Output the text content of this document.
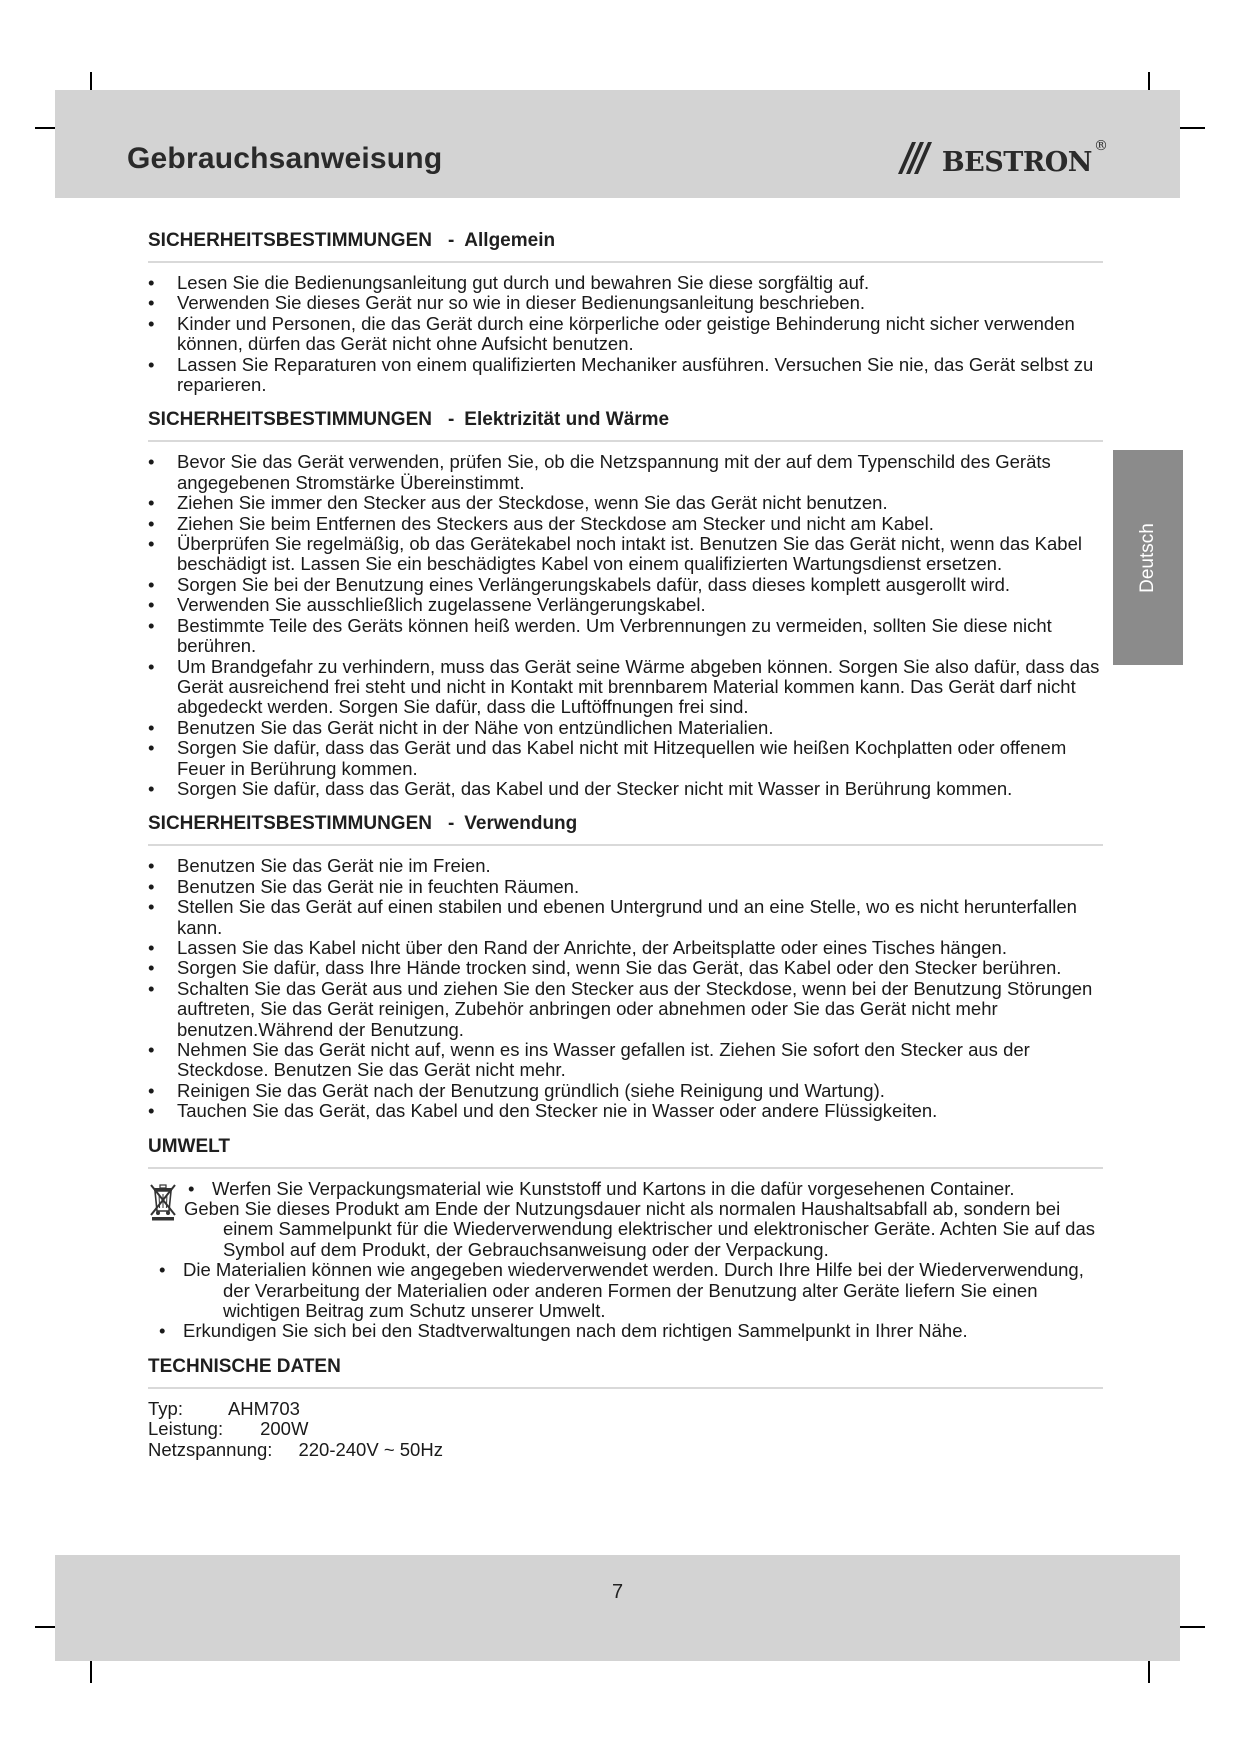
Gebrauchsanweisung	bestron ®
Deutsch
SICHERHEITSBESTIMMUNGEN - Allgemein
• Lesen Sie die Bedienungsanleitung gut durch und bewahren Sie diese sorgfältig auf.
• Verwenden Sie dieses Gerät nur so wie in dieser Bedienungsanleitung beschrieben.
• Kinder und Personen, die das Gerät durch eine körperliche oder geistige Behinderung nicht sicher verwenden können, dürfen das Gerät nicht ohne Aufsicht benutzen.
• Lassen Sie Reparaturen von einem qualifizierten Mechaniker ausführen. Versuchen Sie nie, das Gerät selbst zu reparieren.
SICHERHEITSBESTIMMUNGEN - Elektrizität und Wärme
• Bevor Sie das Gerät verwenden, prüfen Sie, ob die Netzspannung mit der auf dem Typenschild des Geräts angegebenen Stromstärke Übereinstimmt.
• Ziehen Sie immer den Stecker aus der Steckdose, wenn Sie das Gerät nicht benutzen.
• Ziehen Sie beim Entfernen des Steckers aus der Steckdose am Stecker und nicht am Kabel.
• Überprüfen Sie regelmäßig, ob das Gerätekabel noch intakt ist. Benutzen Sie das Gerät nicht, wenn das Kabel beschädigt ist. Lassen Sie ein beschädigtes Kabel von einem qualifizierten Wartungsdienst ersetzen.
• Sorgen Sie bei der Benutzung eines Verlängerungskabels dafür, dass dieses komplett ausgerollt wird.
• Verwenden Sie ausschließlich zugelassene Verlängerungskabel.
• Bestimmte Teile des Geräts können heiß werden. Um Verbrennungen zu vermeiden, sollten Sie diese nicht berühren.
• Um Brandgefahr zu verhindern, muss das Gerät seine Wärme abgeben können. Sorgen Sie also dafür, dass das Gerät ausreichend frei steht und nicht in Kontakt mit brennbarem Material kommen kann. Das Gerät darf nicht abgedeckt werden. Sorgen Sie dafür, dass die Luftöffnungen frei sind.
• Benutzen Sie das Gerät nicht in der Nähe von entzündlichen Materialien.
• Sorgen Sie dafür, dass das Gerät und das Kabel nicht mit Hitzequellen wie heißen Kochplatten oder offenem Feuer in Berührung kommen.
• Sorgen Sie dafür, dass das Gerät, das Kabel und der Stecker nicht mit Wasser in Berührung kommen.
SICHERHEITSBESTIMMUNGEN - Verwendung
• Benutzen Sie das Gerät nie im Freien.
• Benutzen Sie das Gerät nie in feuchten Räumen.
• Stellen Sie das Gerät auf einen stabilen und ebenen Untergrund und an eine Stelle, wo es nicht herunterfallen kann.
• Lassen Sie das Kabel nicht über den Rand der Anrichte, der Arbeitsplatte oder eines Tisches hängen.
• Sorgen Sie dafür, dass Ihre Hände trocken sind, wenn Sie das Gerät, das Kabel oder den Stecker berühren.
• Schalten Sie das Gerät aus und ziehen Sie den Stecker aus der Steckdose, wenn bei der Benutzung Störungen auftreten, Sie das Gerät reinigen, Zubehör anbringen oder abnehmen oder Sie das Gerät nicht mehr benutzen.Während der Benutzung.
• Nehmen Sie das Gerät nicht auf, wenn es ins Wasser gefallen ist. Ziehen Sie sofort den Stecker aus der Steckdose. Benutzen Sie das Gerät nicht mehr.
• Reinigen Sie das Gerät nach der Benutzung gründlich (siehe Reinigung und Wartung).
• Tauchen Sie das Gerät, das Kabel und den Stecker nie in Wasser oder andere Flüssigkeiten.
UMWELT
• Werfen Sie Verpackungsmaterial wie Kunststoff und Kartons in die dafür vorgesehenen Container.
Geben Sie dieses Produkt am Ende der Nutzungsdauer nicht als normalen Haushaltsabfall ab, sondern bei einem Sammelpunkt für die Wiederverwendung elektrischer und elektronischer Geräte. Achten Sie auf das Symbol auf dem Produkt, der Gebrauchsanweisung oder der Verpackung.
• Die Materialien können wie angegeben wiederverwendet werden. Durch Ihre Hilfe bei der Wiederverwendung, der Verarbeitung der Materialien oder anderen Formen der Benutzung alter Geräte liefern Sie einen wichtigen Beitrag zum Schutz unserer Umwelt.
• Erkundigen Sie sich bei den Stadtverwaltungen nach dem richtigen Sammelpunkt in Ihrer Nähe.
TECHNISCHE DATEN
Typ: AHM703
Leistung: 200W
Netzspannung: 220-240V ~ 50Hz
7
